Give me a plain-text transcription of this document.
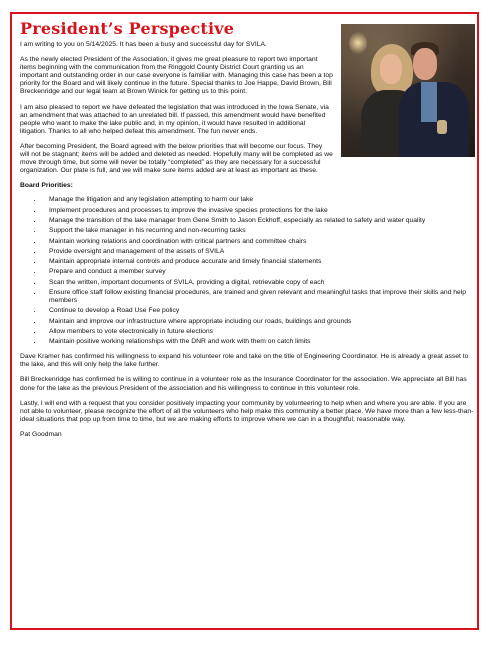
President’s Perspective

I am writing to you on 5/14/2025. It has been a busy and successful day for SVILA.

As the newly elected President of the Association, it gives me great pleasure to report two important items beginning with the communication from the Ringgold County District Court granting us an important and outstanding order in our case everyone is familiar with. Managing this case has been a top priority for the Board and will likely continue in the future. Special thanks to Joe Happe, David Brown, Bill Breckenridge and our legal team at Brown Winick for getting us to this point.

I am also pleased to report we have defeated the legislation that was introduced in the Iowa Senate, via an amendment that was attached to an unrelated bill. If passed, this amendment would have benefited people who want to make the lake public and, in my opinion, it would have resulted in additional litigation. Thanks to all who helped defeat this amendment. The fun never ends.

After becoming President, the Board agreed with the below priorities that will become our focus. They will not be stagnant; items will be added and deleted as needed. Hopefully many will be completed as we move through time, but some will never be totally “completed” as they are necessary for a successful organization. Our plate is full, and we will make sure items added are at least as important as these.

Board Priorities:

• Manage the litigation and any legislation attempting to harm our lake
• Implement procedures and processes to improve the invasive species protections for the lake
• Manage the transition of the lake manager from Gene Smith to Jason Eckhoff, especially as related to safety and water quality
• Support the lake manager in his recurring and non-recurring tasks
• Maintain working relations and coordination with critical partners and committee chairs
• Provide oversight and management of the assets of SVILA
• Maintain appropriate internal controls and produce accurate and timely financial statements
• Prepare and conduct a member survey
• Scan the written, important documents of SVILA, providing a digital, retrievable copy of each
• Ensure office staff follow existing financial procedures, are trained and given relevant and meaningful tasks that improve their skills and help members
• Continue to develop a Road Use Fee policy
• Maintain and improve our infrastructure where appropriate including our roads, buildings and grounds
• Allow members to vote electronically in future elections
• Maintain positive working relationships with the DNR and work with them on catch limits

Dave Kramer has confirmed his willingness to expand his volunteer role and take on the title of Engineering Coordinator. He is already a great asset to the lake, and this will only help the lake further.

Bill Breckenridge has confirmed he is willing to continue in a volunteer role as the Insurance Coordinator for the association. We appreciate all Bill has done for the lake as the previous President of the association and his willingness to continue in this volunteer role.

Lastly, I will end with a request that you consider positively impacting your community by volunteering to help when and where you are able. If you are not able to volunteer, please recognize the effort of all the volunteers who help make this community a better place. We have more than a few less-than-ideal situations that pop up from time to time, but we are making efforts to improve where we can in a thoughtful, reasonable way.

Pat Goodman
